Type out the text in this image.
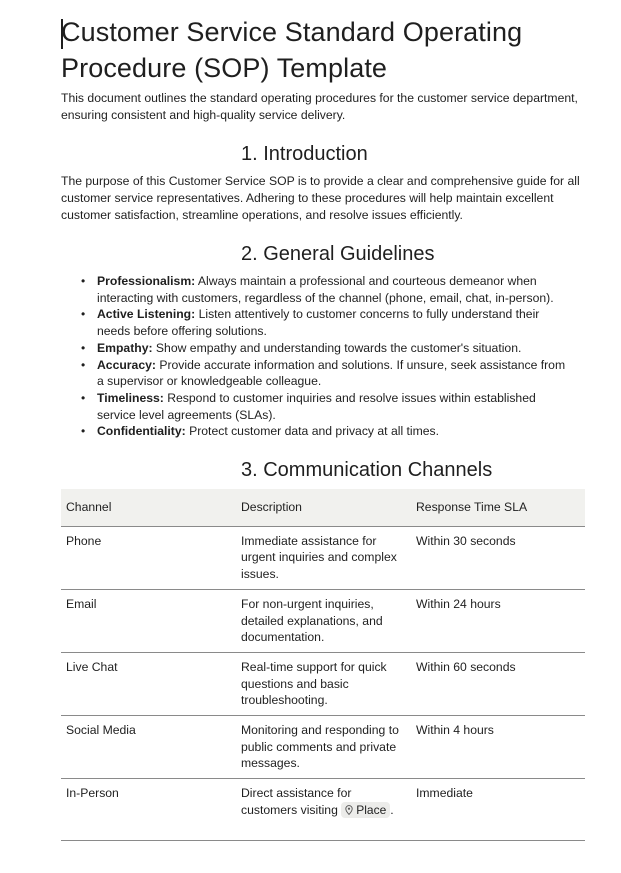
Customer Service Standard Operating Procedure (SOP) Template

This document outlines the standard operating procedures for the customer service department, ensuring consistent and high-quality service delivery.

1. Introduction

The purpose of this Customer Service SOP is to provide a clear and comprehensive guide for all customer service representatives. Adhering to these procedures will help maintain excellent customer satisfaction, streamline operations, and resolve issues efficiently.

2. General Guidelines
• Professionalism: Always maintain a professional and courteous demeanor when interacting with customers, regardless of the channel (phone, email, chat, in-person).
• Active Listening: Listen attentively to customer concerns to fully understand their needs before offering solutions.
• Empathy: Show empathy and understanding towards the customer's situation.
• Accuracy: Provide accurate information and solutions. If unsure, seek assistance from a supervisor or knowledgeable colleague.
• Timeliness: Respond to customer inquiries and resolve issues within established service level agreements (SLAs).
• Confidentiality: Protect customer data and privacy at all times.
3. Communication Channels
Channel	Description	Response Time SLA
Phone	Immediate assistance for urgent inquiries and complex issues.	Within 30 seconds
Email	For non-urgent inquiries, detailed explanations, and documentation.	Within 24 hours
Live Chat	Real-time support for quick questions and basic troubleshooting.	Within 60 seconds
Social Media	Monitoring and responding to public comments and private messages.	Within 4 hours
In-Person	Direct assistance for customers visiting Place .	Immediate
